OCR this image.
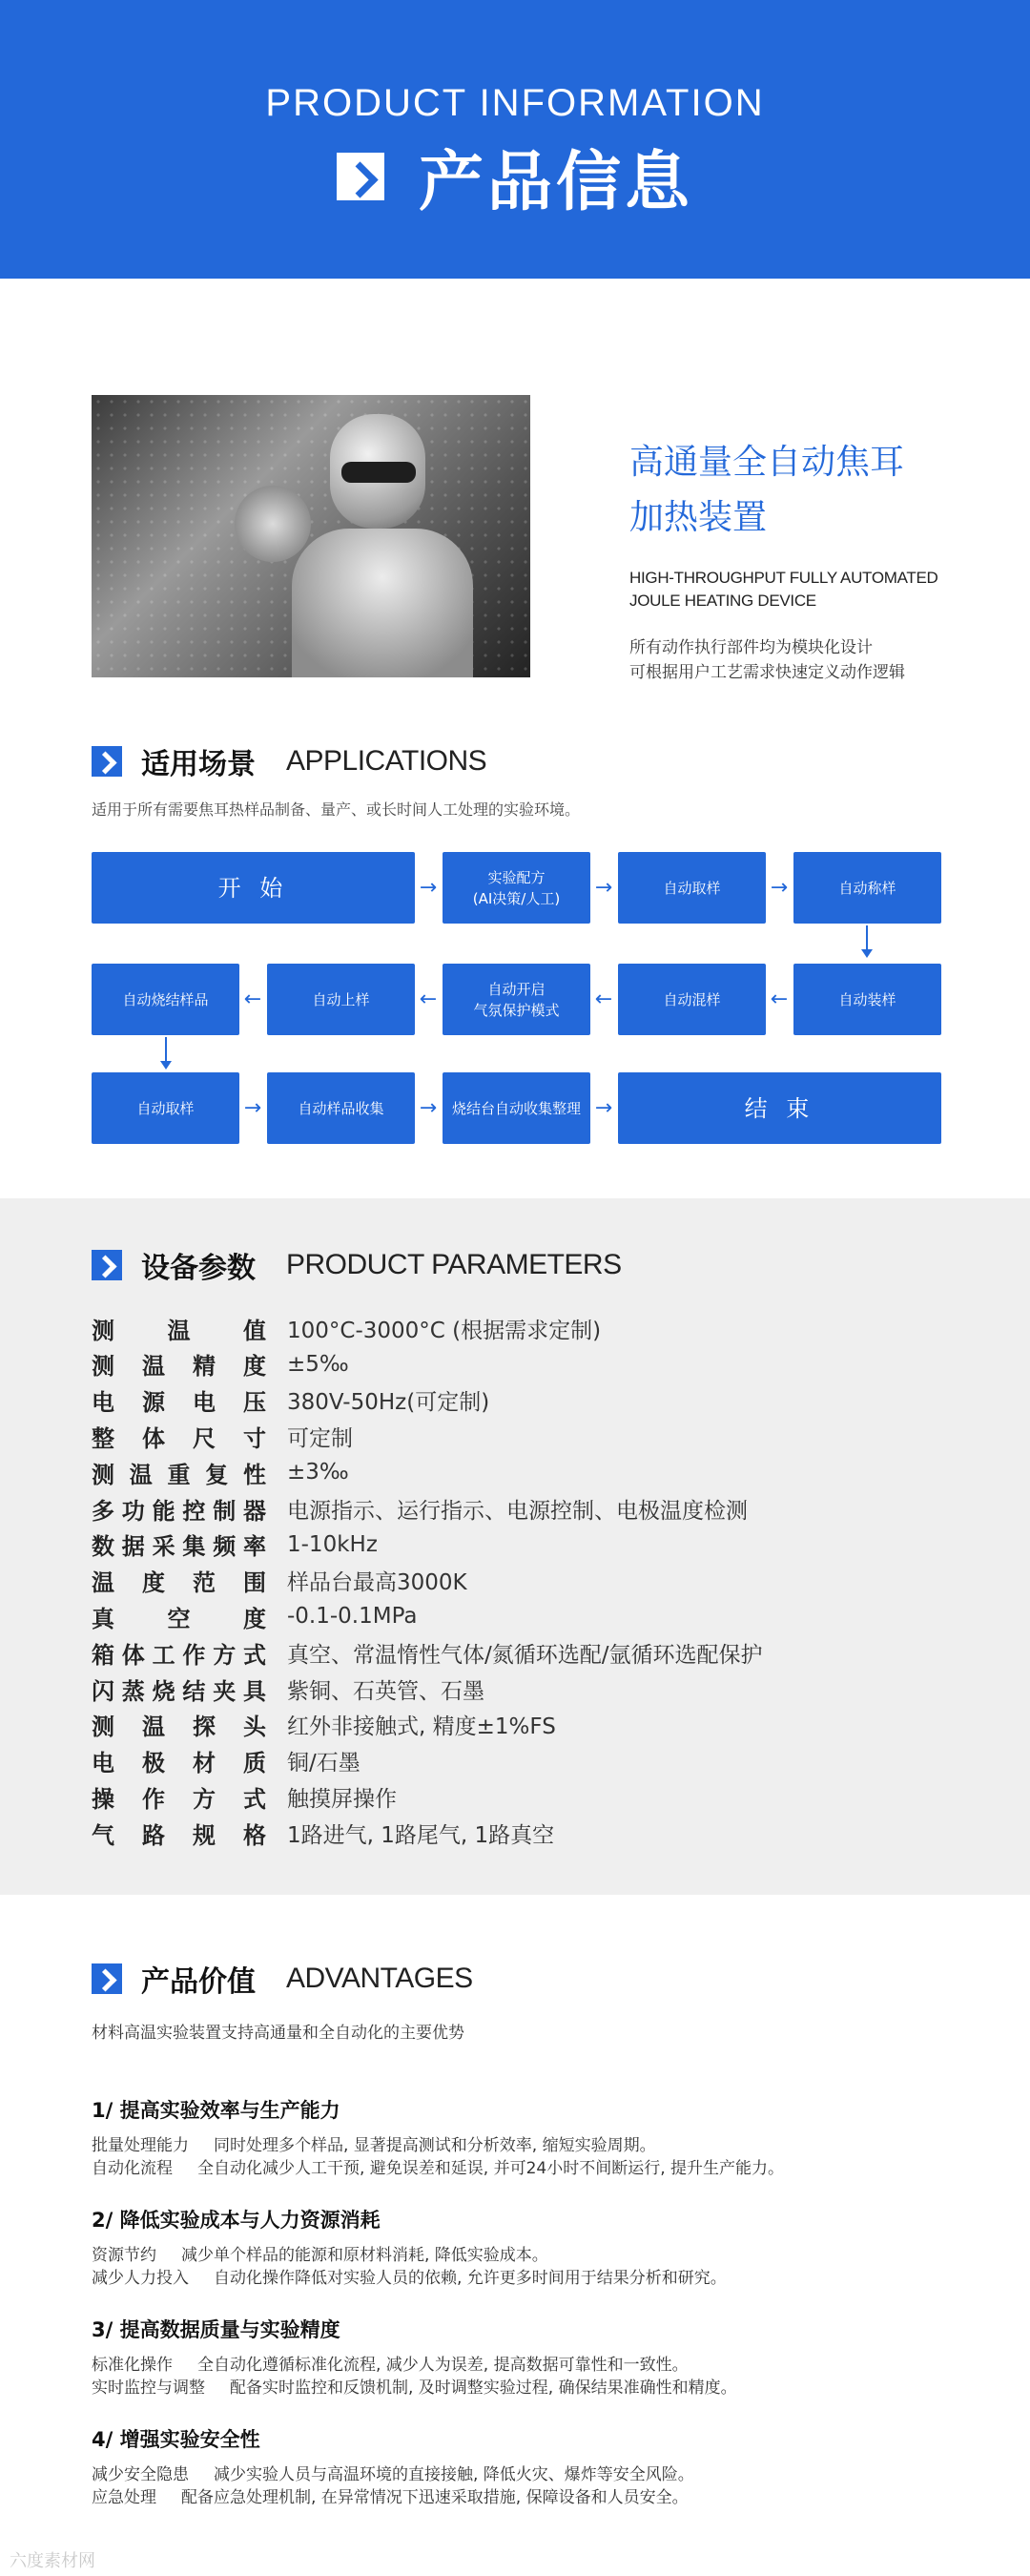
PRODUCT INFORMATION
产品信息
高通量全自动焦耳
加热装置
HIGH-THROUGHPUT FULLY AUTOMATED
JOULE HEATING DEVICE
所有动作执行部件均为模块化设计
可根据用户工艺需求快速定义动作逻辑
适用场景 APPLICATIONS
适用于所有需要焦耳热样品制备、量产、或长时间人工处理的实验环境。
开 始	→	实验配方
(AI决策/人工) →	自动取样	→	自动称样
自动烧结样品	←	自动上样	←	自动开启
气氛保护模式 ←	自动混样	←	自动装样
自动取样	→	自动样品收集	→	烧结台自动收集整理 →	结 束
设备参数 PRODUCT PARAMETERS
测温值 100°C-3000°C (根据需求定制)
测温精度 ±5‰
电源电压 380V-50Hz(可定制)
整体尺寸 可定制
测温重复性 ±3‰
多功能控制器 电源指示、运行指示、电源控制、电极温度检测
数据采集频率 1-10kHz
温度范围 样品台最高3000K
真空度 -0.1-0.1MPa
箱体工作方式 真空、常温惰性气体/氮循环选配/氩循环选配保护
闪蒸烧结夹具 紫铜、石英管、石墨
测温探头 红外非接触式, 精度±1%FS
电极材质 铜/石墨
操作方式 触摸屏操作
气路规格 1路进气, 1路尾气, 1路真空
产品价值 ADVANTAGES
材料高温实验装置支持高通量和全自动化的主要优势
1/ 提高实验效率与生产能力
批量处理能力 同时处理多个样品, 显著提高测试和分析效率, 缩短实验周期。
自动化流程 全自动化减少人工干预, 避免误差和延误, 并可24小时不间断运行, 提升生产能力。
2/ 降低实验成本与人力资源消耗
资源节约 减少单个样品的能源和原材料消耗, 降低实验成本。
减少人力投入 自动化操作降低对实验人员的依赖, 允许更多时间用于结果分析和研究。
3/ 提高数据质量与实验精度
标准化操作 全自动化遵循标准化流程, 减少人为误差, 提高数据可靠性和一致性。
实时监控与调整 配备实时监控和反馈机制, 及时调整实验过程, 确保结果准确性和精度。
4/ 增强实验安全性
减少安全隐患 减少实验人员与高温环境的直接接触, 降低火灾、爆炸等安全风险。
应急处理 配备应急处理机制, 在异常情况下迅速采取措施, 保障设备和人员安全。
六度素材网
